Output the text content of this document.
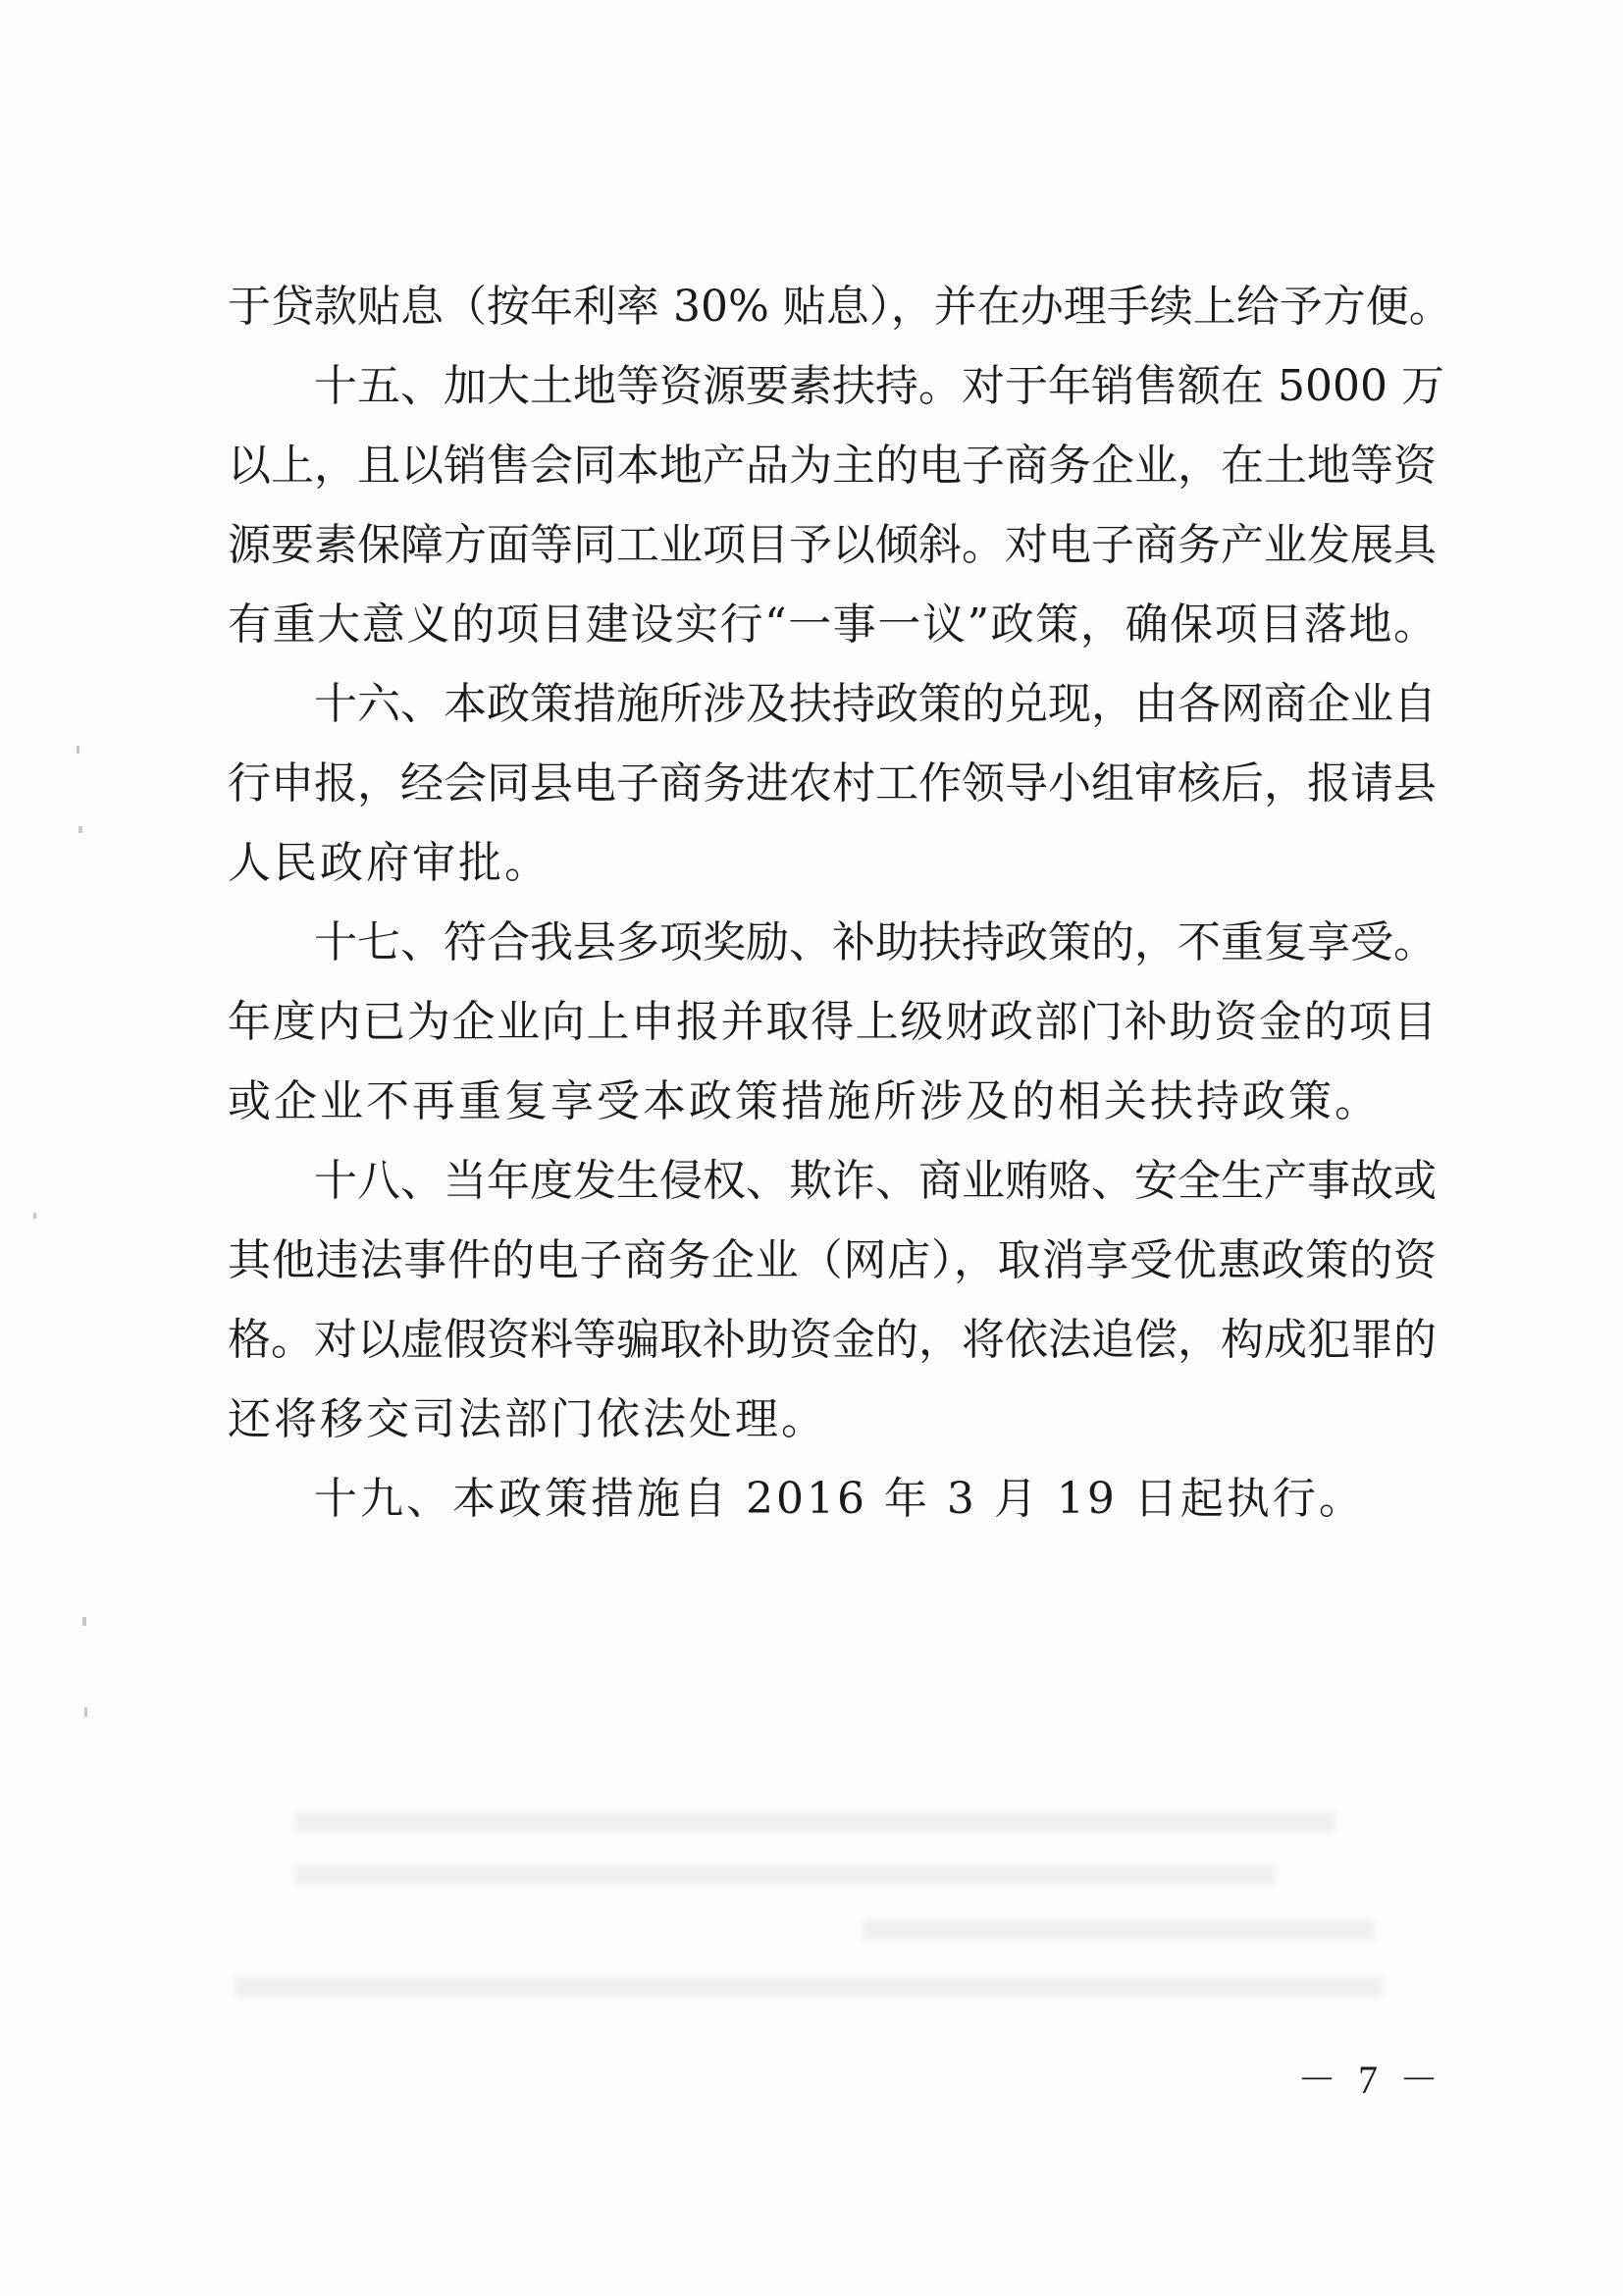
于贷款贴息（按年利率 30% 贴息），并在办理手续上给予方便。
十五、加大土地等资源要素扶持。对于年销售额在 5000 万
以上，且以销售会同本地产品为主的电子商务企业，在土地等资
源要素保障方面等同工业项目予以倾斜。对电子商务产业发展具
有重大意义的项目建设实行“一事一议”政策，确保项目落地。
十六、本政策措施所涉及扶持政策的兑现，由各网商企业自
行申报，经会同县电子商务进农村工作领导小组审核后，报请县
人民政府审批。
十七、符合我县多项奖励、补助扶持政策的，不重复享受。
年度内已为企业向上申报并取得上级财政部门补助资金的项目
或企业不再重复享受本政策措施所涉及的相关扶持政策。
十八、当年度发生侵权、欺诈、商业贿赂、安全生产事故或
其他违法事件的电子商务企业（网店），取消享受优惠政策的资
格。对以虚假资料等骗取补助资金的，将依法追偿，构成犯罪的
还将移交司法部门依法处理。
十九、本政策措施自 2016 年 3 月 19 日起执行。
－ 7 －
